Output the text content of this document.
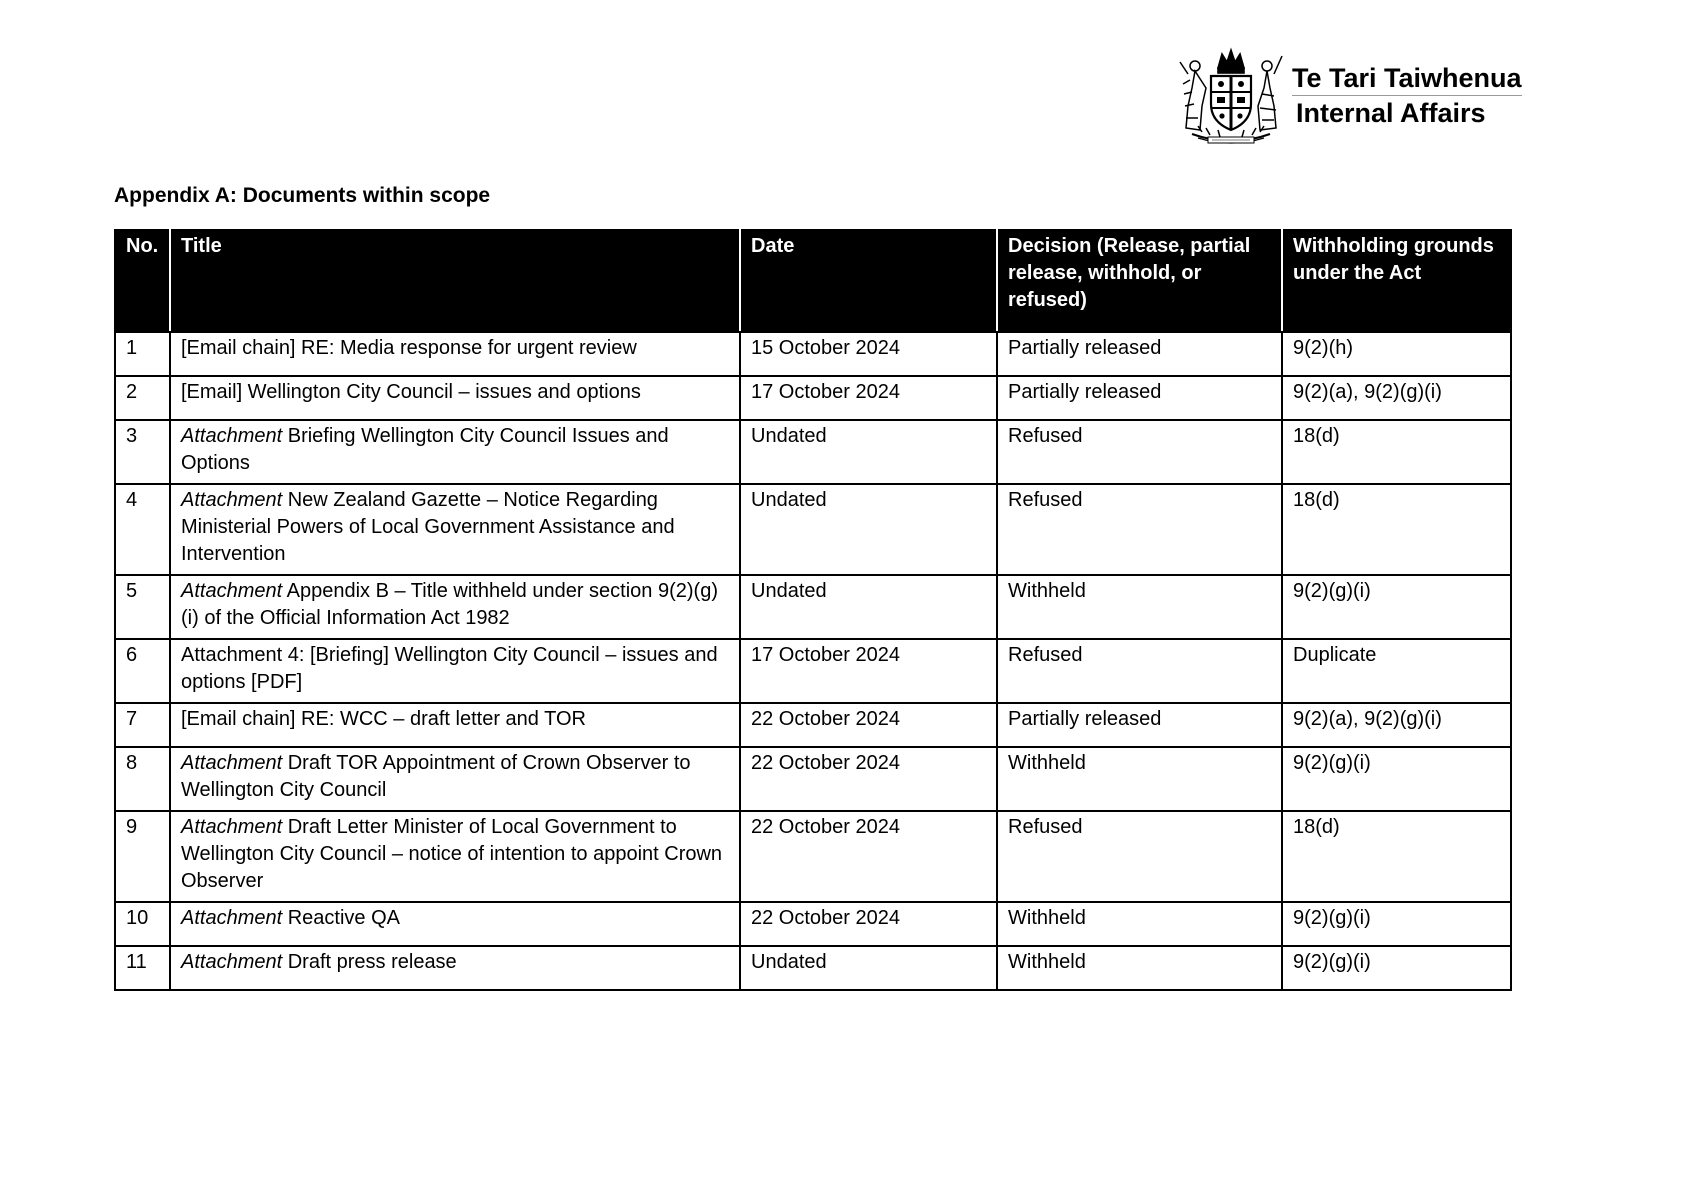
Te Tari Taiwhenua
Internal Affairs
Appendix A: Documents within scope
No.	Title	Date	Decision (Release, partial release, withhold, or refused)	Withholding grounds under the Act
1	[Email chain] RE: Media response for urgent review	15 October 2024	Partially released	9(2)(h)
2	[Email] Wellington City Council – issues and options	17 October 2024	Partially released	9(2)(a), 9(2)(g)(i)
3	Attachment Briefing Wellington City Council Issues and Options	Undated	Refused	18(d)
4	Attachment New Zealand Gazette – Notice Regarding Ministerial Powers of Local Government Assistance and Intervention	Undated	Refused	18(d)
5	Attachment Appendix B – Title withheld under section 9(2)(g)(i) of the Official Information Act 1982	Undated	Withheld	9(2)(g)(i)
6	Attachment 4: [Briefing] Wellington City Council – issues and options [PDF]	17 October 2024	Refused	Duplicate
7	[Email chain] RE: WCC – draft letter and TOR	22 October 2024	Partially released	9(2)(a), 9(2)(g)(i)
8	Attachment Draft TOR Appointment of Crown Observer to Wellington City Council	22 October 2024	Withheld	9(2)(g)(i)
9	Attachment Draft Letter Minister of Local Government to Wellington City Council – notice of intention to appoint Crown Observer	22 October 2024	Refused	18(d)
10	Attachment Reactive QA	22 October 2024	Withheld	9(2)(g)(i)
11	Attachment Draft press release	Undated	Withheld	9(2)(g)(i)
